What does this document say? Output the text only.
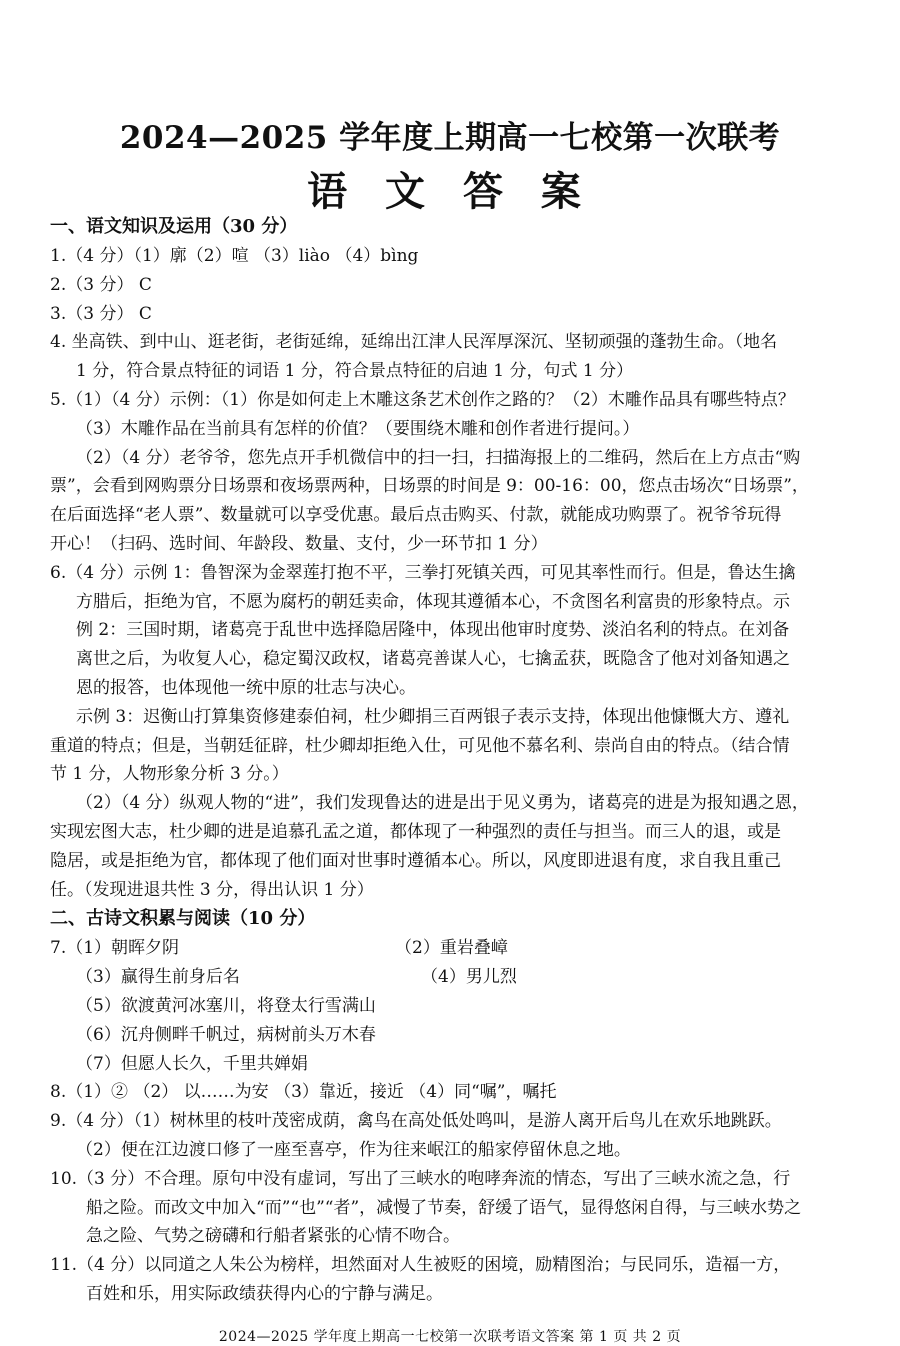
2024—2025 学年度上期高一七校第一次联考
语 文 答 案
一、语文知识及运用（30 分）
1.（4 分）（1）廓（2）喧 （3）liào （4）bìng
2.（3 分） C
3.（3 分） C
4. 坐高铁、到中山、逛老街，老街延绵，延绵出江津人民浑厚深沉、坚韧顽强的蓬勃生命。（地名
1 分，符合景点特征的词语 1 分，符合景点特征的启迪 1 分，句式 1 分）
5.（1）（4 分）示例：（1）你是如何走上木雕这条艺术创作之路的？（2）木雕作品具有哪些特点？
（3）木雕作品在当前具有怎样的价值？（要围绕木雕和创作者进行提问。）
（2）（4 分）老爷爷，您先点开手机微信中的扫一扫，扫描海报上的二维码，然后在上方点击“购
票”，会看到网购票分日场票和夜场票两种，日场票的时间是 9：00-16：00，您点击场次“日场票”，
在后面选择“老人票”、数量就可以享受优惠。最后点击购买、付款，就能成功购票了。祝爷爷玩得
开心！（扫码、选时间、年龄段、数量、支付，少一环节扣 1 分）
6.（4 分）示例 1：鲁智深为金翠莲打抱不平，三拳打死镇关西，可见其率性而行。但是，鲁达生擒
方腊后，拒绝为官，不愿为腐朽的朝廷卖命，体现其遵循本心，不贪图名利富贵的形象特点。示
例 2：三国时期，诸葛亮于乱世中选择隐居隆中，体现出他审时度势、淡泊名利的特点。在刘备
离世之后，为收复人心，稳定蜀汉政权，诸葛亮善谋人心，七擒孟获，既隐含了他对刘备知遇之
恩的报答，也体现他一统中原的壮志与决心。
示例 3：迟衡山打算集资修建泰伯祠，杜少卿捐三百两银子表示支持，体现出他慷慨大方、遵礼
重道的特点；但是，当朝廷征辟，杜少卿却拒绝入仕，可见他不慕名利、崇尚自由的特点。（结合情
节 1 分，人物形象分析 3 分。）
（2）（4 分）纵观人物的“进”，我们发现鲁达的进是出于见义勇为，诸葛亮的进是为报知遇之恩，
实现宏图大志，杜少卿的进是追慕孔孟之道，都体现了一种强烈的责任与担当。而三人的退，或是
隐居，或是拒绝为官，都体现了他们面对世事时遵循本心。所以，风度即进退有度，求自我且重己
任。（发现进退共性 3 分，得出认识 1 分）
二、古诗文积累与阅读（10 分）
7.（1）朝晖夕阴	（2）重岩叠嶂
（3）赢得生前身后名	（4）男儿烈
（5）欲渡黄河冰塞川，将登太行雪满山
（6）沉舟侧畔千帆过，病树前头万木春
（7）但愿人长久，千里共婵娟
8.（1）② （2） 以……为安 （3）靠近，接近 （4）同“嘱”，嘱托
9.（4 分）（1）树林里的枝叶茂密成荫，禽鸟在高处低处鸣叫，是游人离开后鸟儿在欢乐地跳跃。
（2）便在江边渡口修了一座至喜亭，作为往来岷江的船家停留休息之地。
10.（3 分）不合理。原句中没有虚词，写出了三峡水的咆哮奔流的情态，写出了三峡水流之急，行
船之险。而改文中加入“而”“也”“者”，减慢了节奏，舒缓了语气，显得悠闲自得，与三峡水势之
急之险、气势之磅礴和行船者紧张的心情不吻合。
11.（4 分）以同道之人朱公为榜样，坦然面对人生被贬的困境，励精图治；与民同乐，造福一方，
百姓和乐，用实际政绩获得内心的宁静与满足。
2024—2025 学年度上期高一七校第一次联考语文答案 第 1 页 共 2 页
